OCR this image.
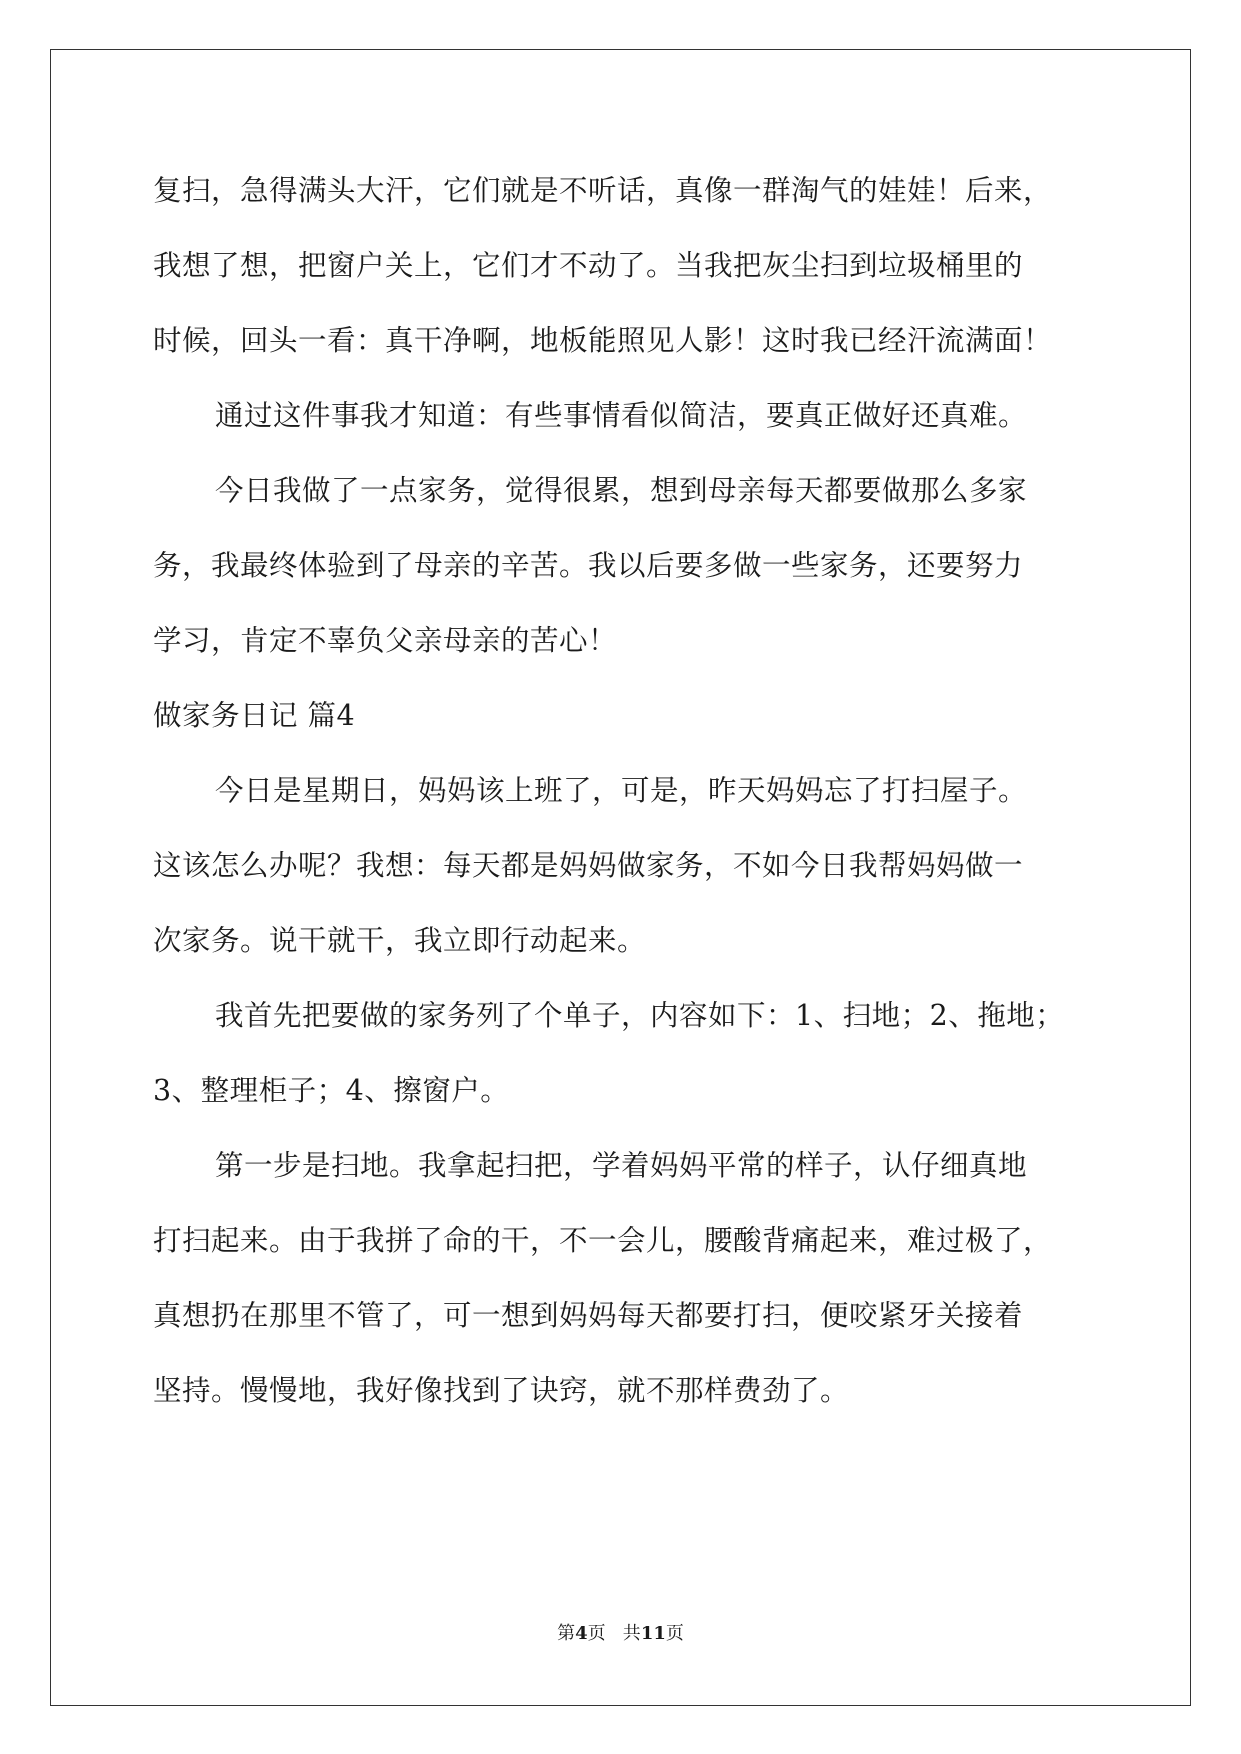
复扫，急得满头大汗，它们就是不听话，真像一群淘气的娃娃！后来，
我想了想，把窗户关上，它们才不动了。当我把灰尘扫到垃圾桶里的
时候，回头一看：真干净啊，地板能照见人影！这时我已经汗流满面！
通过这件事我才知道：有些事情看似简洁，要真正做好还真难。
今日我做了一点家务，觉得很累，想到母亲每天都要做那么多家
务，我最终体验到了母亲的辛苦。我以后要多做一些家务，还要努力
学习，肯定不辜负父亲母亲的苦心！
做家务日记 篇4
今日是星期日，妈妈该上班了，可是，昨天妈妈忘了打扫屋子。
这该怎么办呢？我想：每天都是妈妈做家务，不如今日我帮妈妈做一
次家务。说干就干，我立即行动起来。
我首先把要做的家务列了个单子，内容如下：1、扫地；2、拖地；
3、整理柜子；4、擦窗户。
第一步是扫地。我拿起扫把，学着妈妈平常的样子，认仔细真地
打扫起来。由于我拼了命的干，不一会儿，腰酸背痛起来，难过极了，
真想扔在那里不管了，可一想到妈妈每天都要打扫，便咬紧牙关接着
坚持。慢慢地，我好像找到了诀窍，就不那样费劲了。
第4页   共11页
